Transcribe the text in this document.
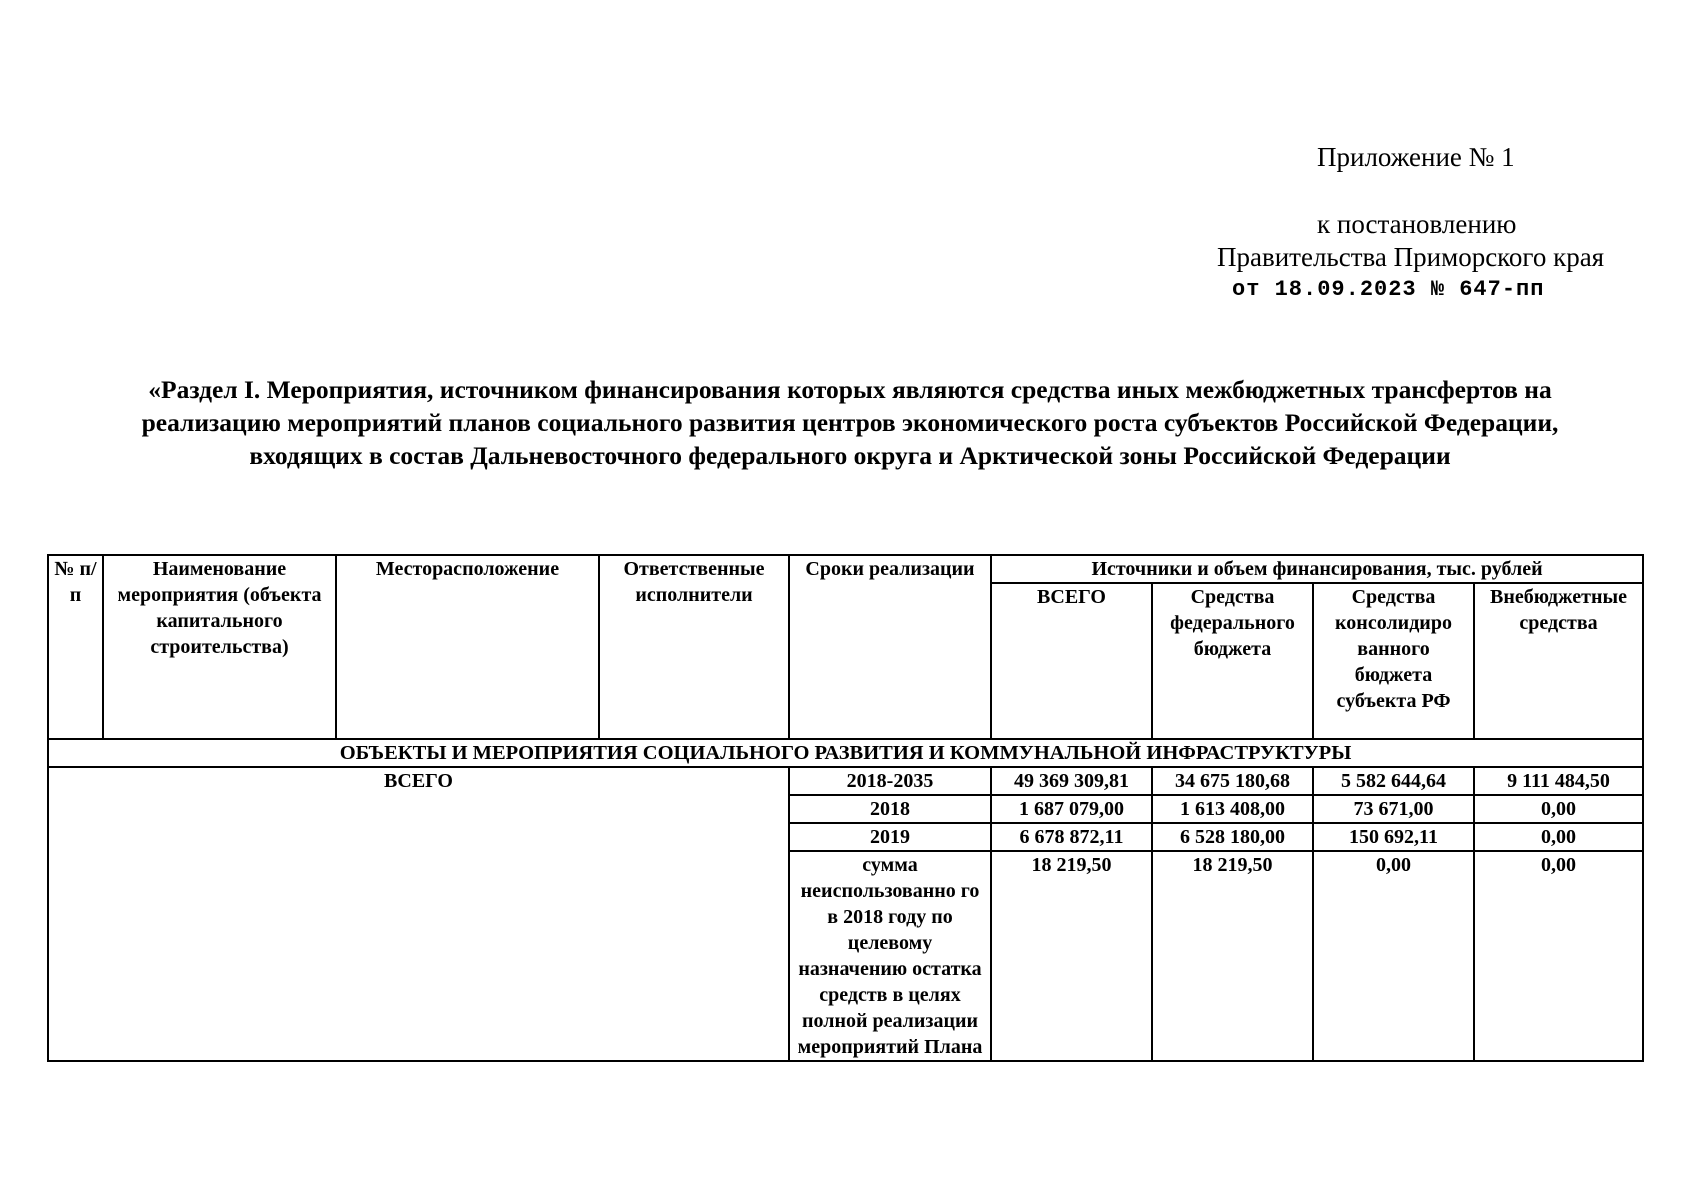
Приложение № 1
к постановлению
Правительства Приморского края
от 18.09.2023 № 647-пп
«Раздел I. Мероприятия, источником финансирования которых являются средства иных межбюджетных трансфертов на
реализацию мероприятий планов социального развития центров экономического роста субъектов Российской Федерации,
входящих в состав Дальневосточного федерального округа и Арктической зоны Российской Федерации
№ п/п	Наименование мероприятия (объекта капитального строительства)	Месторасположение	Ответственные исполнители	Сроки реализации	Источники и объем финансирования, тыс. рублей			
					ВСЕГО	Средства федерального бюджета	Средства консолидиро ванного бюджета субъекта РФ	Внебюджетные средства
ОБЪЕКТЫ И МЕРОПРИЯТИЯ СОЦИАЛЬНОГО РАЗВИТИЯ И КОММУНАЛЬНОЙ ИНФРАСТРУКТУРЫ								
ВСЕГО				2018-2035	49 369 309,81	34 675 180,68	5 582 644,64	9 111 484,50
				2018	1 687 079,00	1 613 408,00	73 671,00	0,00
				2019	6 678 872,11	6 528 180,00	150 692,11	0,00
				сумма неиспользованно го в 2018 году по целевому назначению остатка средств в целях полной реализации мероприятий Плана	18 219,50	18 219,50	0,00	0,00
